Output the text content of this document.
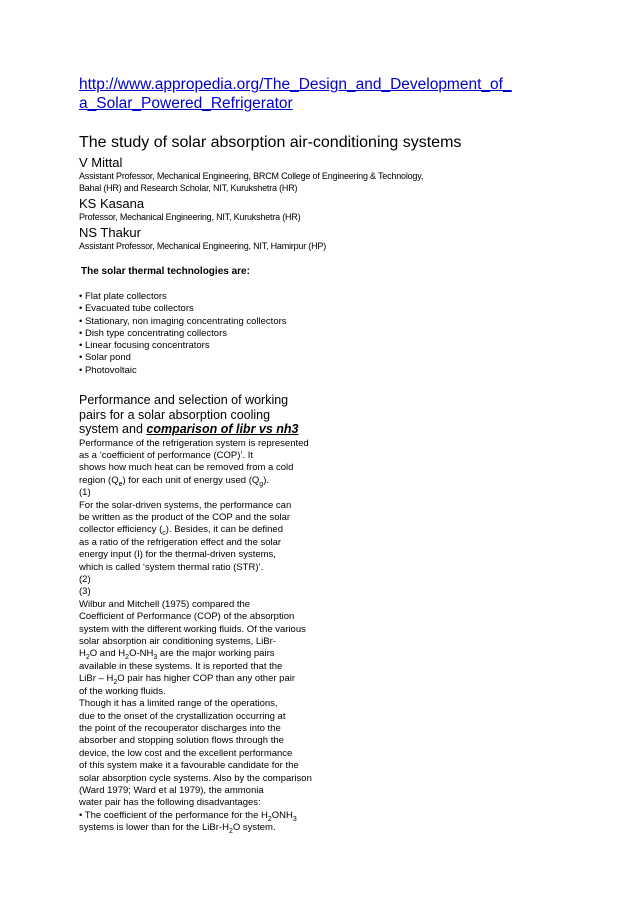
http://www.appropedia.org/The_Design_and_Development_of_
a_Solar_Powered_Refrigerator
The study of solar absorption air-conditioning systems
V Mittal
Assistant Professor, Mechanical Engineering, BRCM College of Engineering & Technology,
Bahal (HR) and Research Scholar, NIT, Kurukshetra (HR)
KS Kasana
Professor, Mechanical Engineering, NIT, Kurukshetra (HR)
NS Thakur
Assistant Professor, Mechanical Engineering, NIT, Hamirpur (HP)
The solar thermal technologies are:
• Flat plate collectors
• Evacuated tube collectors
• Stationary, non imaging concentrating collectors
• Dish type concentrating collectors
• Linear focusing concentrators
• Solar pond
• Photovoltaic
Performance and selection of working
pairs for a solar absorption cooling
system and comparison of libr vs nh3
Performance of the refrigeration system is represented
as a ‘coefficient of performance (COP)’. It
shows how much heat can be removed from a cold
region $(Q_e)$ for each unit of energy used $(Q_g)$.
(1)
For the solar-driven systems, the performance can
be written as the product of the COP and the solar
collector efficiency $(_c)$. Besides, it can be defined
as a ratio of the refrigeration effect and the solar
energy input (I) for the thermal-driven systems,
which is called ‘system thermal ratio (STR)’.
(2)
(3)
Wilbur and Mitchell (1975) compared the
Coefficient of Performance (COP) of the absorption
system with the different working fluids. Of the various
solar absorption air conditioning systems, LiBr-
$H_2O$ and $H_2O-NH_3$ are the major working pairs
available in these systems. It is reported that the
LiBr – $H_2O$ pair has higher COP than any other pair
of the working fluids.
Though it has a limited range of the operations,
due to the onset of the crystallization occurring at
the point of the recouperator discharges into the
absorber and stopping solution flows through the
device, the low cost and the excellent performance
of this system make it a favourable candidate for the
solar absorption cycle systems. Also by the comparison
(Ward 1979; Ward et al 1979), the ammonia
water pair has the following disadvantages:
• The coefficient of the performance for the $H_2ONH_3$
systems is lower than for the LiBr-$H_2O$ system.
